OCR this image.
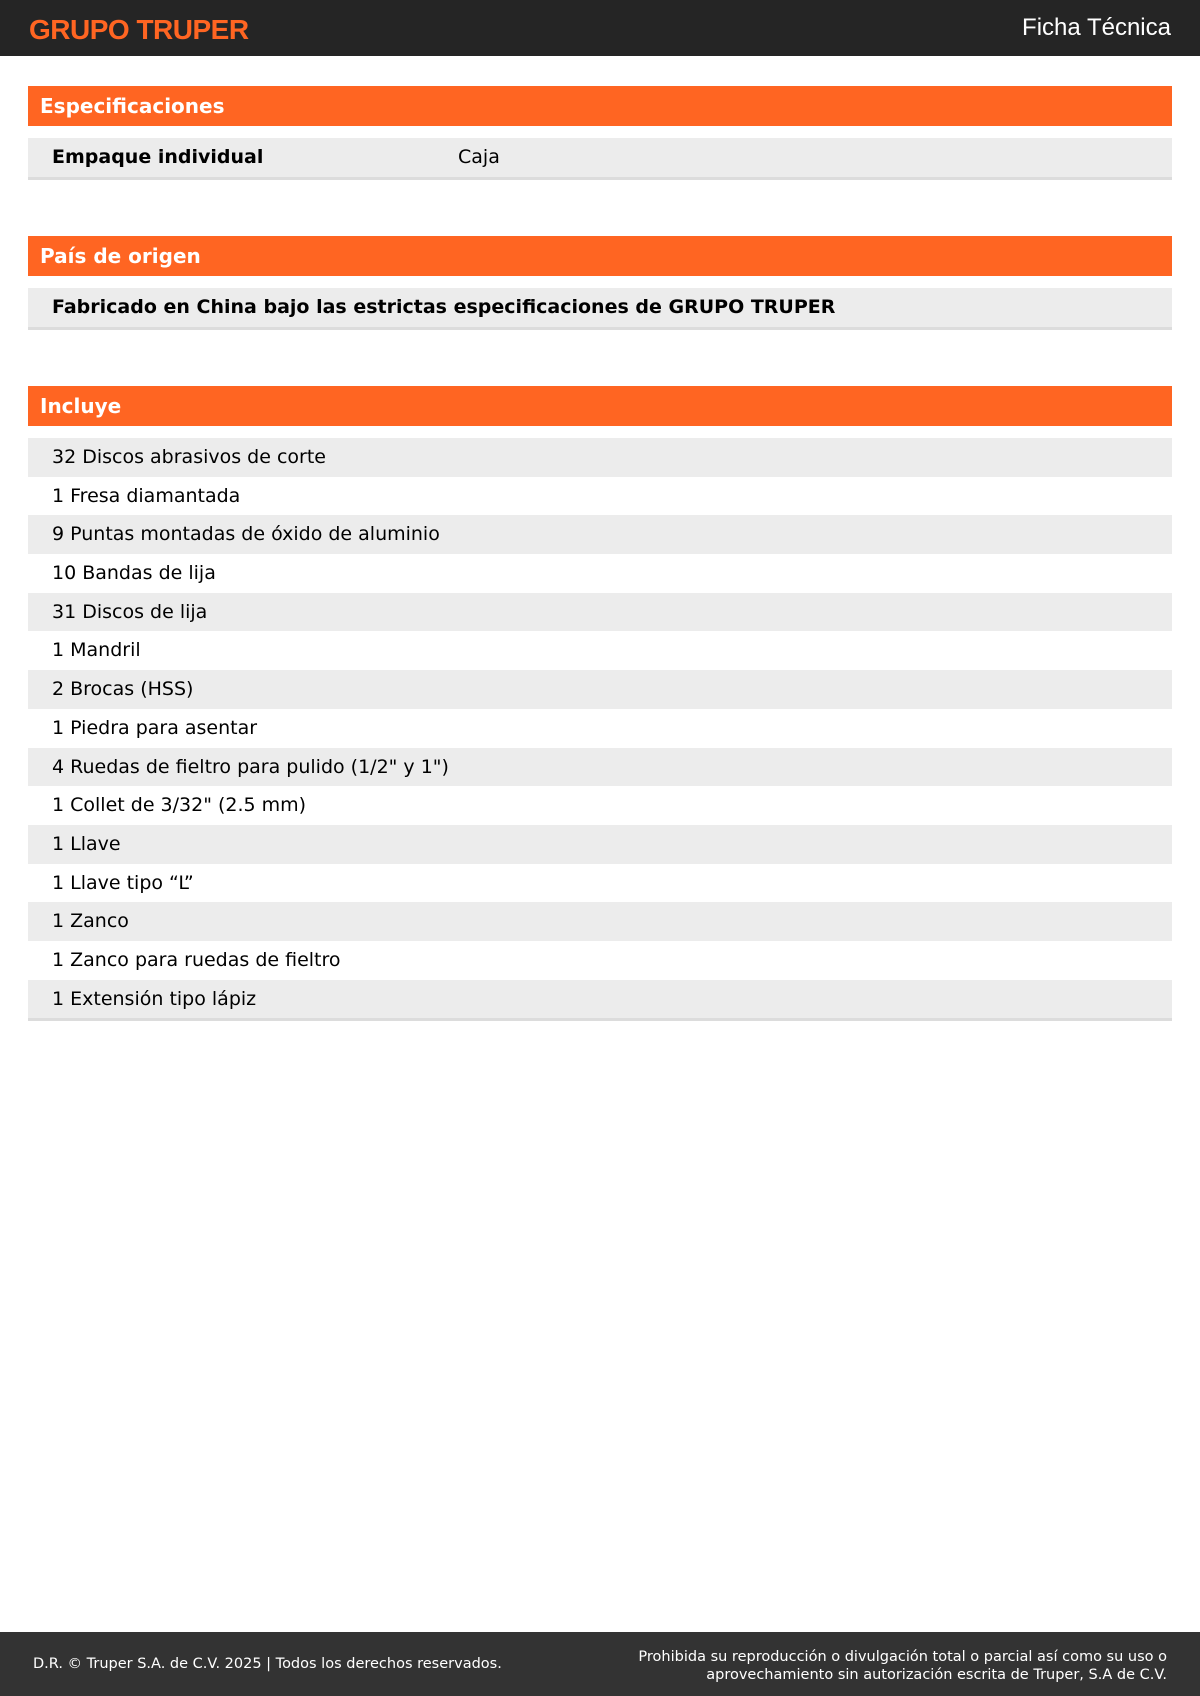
GRUPO TRUPER	Ficha Técnica
Especificaciones
Empaque individual	Caja
País de origen
Fabricado en China bajo las estrictas especificaciones de GRUPO TRUPER
Incluye
32 Discos abrasivos de corte
1 Fresa diamantada
9 Puntas montadas de óxido de aluminio
10 Bandas de lija
31 Discos de lija
1 Mandril
2 Brocas (HSS)
1 Piedra para asentar
4 Ruedas de fieltro para pulido (1/2" y 1")
1 Collet de 3/32" (2.5 mm)
1 Llave
1 Llave tipo “L”
1 Zanco
1 Zanco para ruedas de fieltro
1 Extensión tipo lápiz
D.R. © Truper S.A. de C.V. 2025 | Todos los derechos reservados.	Prohibida su reproducción o divulgación total o parcial así como su uso o
aprovechamiento sin autorización escrita de Truper, S.A de C.V.
